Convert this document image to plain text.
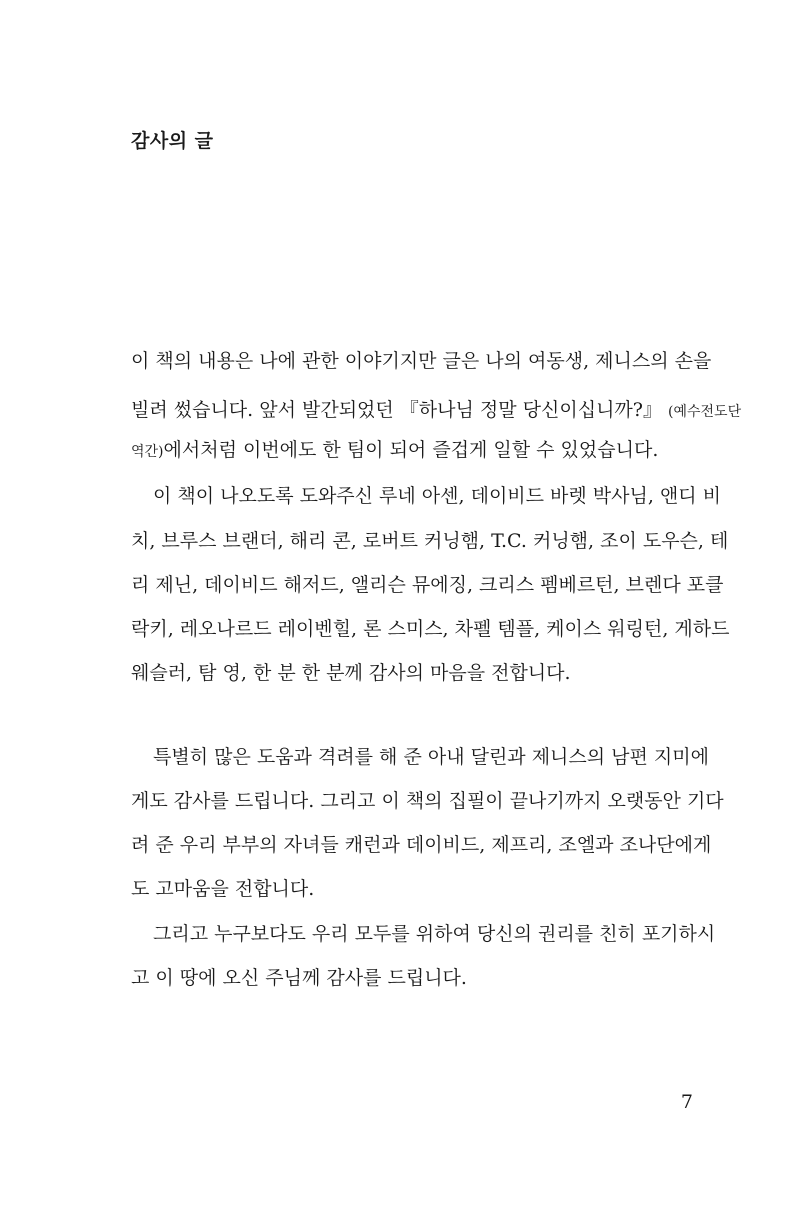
감사의 글
이 책의 내용은 나에 관한 이야기지만 글은 나의 여동생, 제니스의 손을
빌려 썼습니다. 앞서 발간되었던 『하나님 정말 당신이십니까?』 (예수전도단
역간)에서처럼 이번에도 한 팀이 되어 즐겁게 일할 수 있었습니다.
이 책이 나오도록 도와주신 루네 아센, 데이비드 바렛 박사님, 앤디 비
치, 브루스 브랜더, 해리 콘, 로버트 커닝햄, T.C. 커닝햄, 조이 도우슨, 테
리 제닌, 데이비드 해저드, 앨리슨 뮤에징, 크리스 펨베르턴, 브렌다 포클
락키, 레오나르드 레이벤힐, 론 스미스, 차펠 템플, 케이스 워링턴, 게하드
웨슬러, 탐 영, 한 분 한 분께 감사의 마음을 전합니다.
특별히 많은 도움과 격려를 해 준 아내 달린과 제니스의 남편 지미에
게도 감사를 드립니다. 그리고 이 책의 집필이 끝나기까지 오랫동안 기다
려 준 우리 부부의 자녀들 캐런과 데이비드, 제프리, 조엘과 조나단에게
도 고마움을 전합니다.
그리고 누구보다도 우리 모두를 위하여 당신의 권리를 친히 포기하시
고 이 땅에 오신 주님께 감사를 드립니다.
7
